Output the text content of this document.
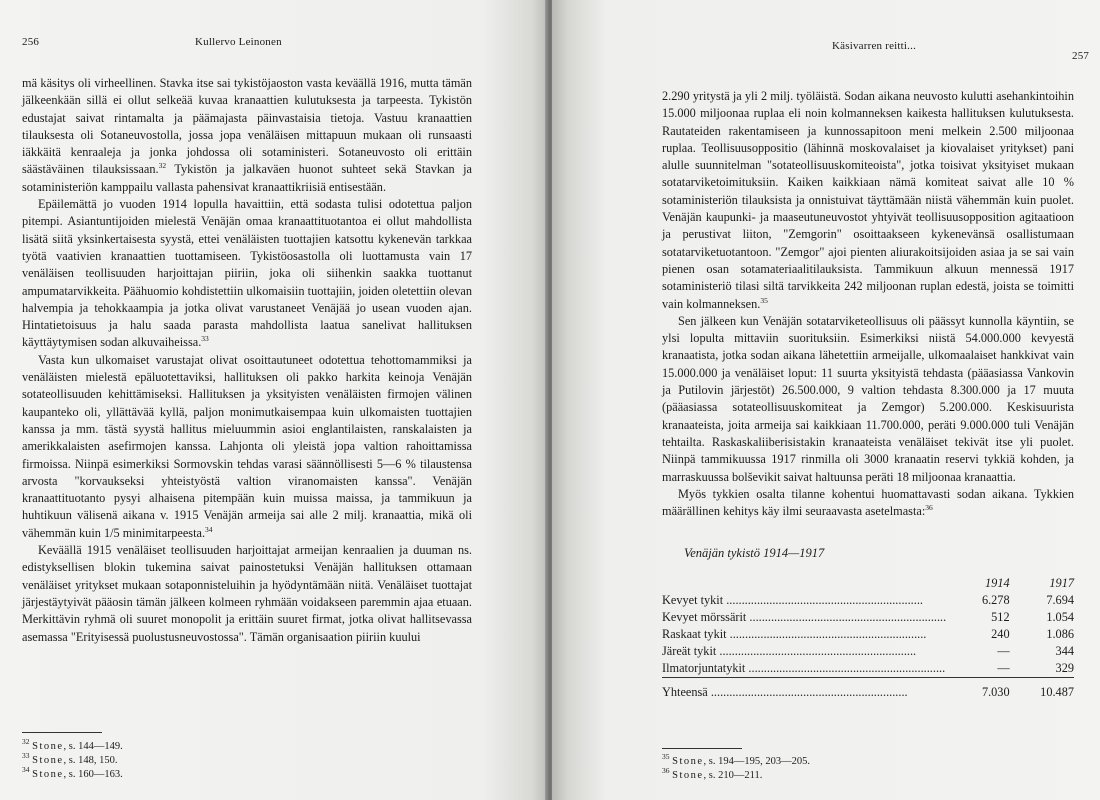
256	Kullervo Leinonen

mä käsitys oli virheellinen. Stavka itse sai tykistöjaoston vasta keväällä 1916, mutta tämän jälkeenkään sillä ei ollut selkeää kuvaa kranaattien kulutuksesta ja tarpeesta. Tykistön edustajat saivat rintamalta ja päämajasta päinvastaisia tietoja. Vastuu kranaattien tilauksesta oli Sotaneuvostolla, jossa jopa venäläisen mittapuun mukaan oli runsaasti iäkkäitä kenraaleja ja jonka johdossa oli sotaministeri. Sotaneuvosto oli erittäin säästäväinen tilauksissaan.$^{32}$ Tykistön ja jalkaväen huonot suhteet sekä Stavkan ja sotaministeriön kamppailu vallasta pahensivat kranaattikriisiä entisestään.

Epäilemättä jo vuoden 1914 lopulla havaittiin, että sodasta tulisi odotettua paljon pitempi. Asiantuntijoiden mielestä Venäjän omaa kranaattituotantoa ei ollut mahdollista lisätä siitä yksinkertaisesta syystä, ettei venäläisten tuottajien katsottu kykenevän tarkkaa työtä vaativien kranaattien tuottamiseen. Tykistöosastolla oli luottamusta vain 17 venäläisen teollisuuden harjoittajan piiriin, joka oli siihenkin saakka tuottanut ampumatarvikkeita. Päähuomio kohdistettiin ulkomaisiin tuottajiin, joiden oletettiin olevan halvempia ja tehokkaampia ja jotka olivat varustaneet Venäjää jo usean vuoden ajan. Hintatietoisuus ja halu saada parasta mahdollista laatua sanelivat hallituksen käyttäytymisen sodan alkuvaiheissa.$^{33}$

Vasta kun ulkomaiset varustajat olivat osoittautuneet odotettua tehottomammiksi ja venäläisten mielestä epäluotettaviksi, hallituksen oli pakko harkita keinoja Venäjän sotateollisuuden kehittämiseksi. Hallituksen ja yksityisten venäläisten firmojen välinen kaupanteko oli, yllättävää kyllä, paljon monimutkaisempaa kuin ulkomaisten tuottajien kanssa ja mm. tästä syystä hallitus mieluummin asioi englantilaisten, ranskalaisten ja amerikkalaisten asefirmojen kanssa. Lahjonta oli yleistä jopa valtion rahoittamissa firmoissa. Niinpä esimerkiksi Sormovskin tehdas varasi säännöllisesti 5—6 % tilaustensa arvosta "korvaukseksi yhteistyöstä valtion viranomaisten kanssa". Venäjän kranaattituotanto pysyi alhaisena pitempään kuin muissa maissa, ja tammikuun ja huhtikuun välisenä aikana v. 1915 Venäjän armeija sai alle 2 milj. kranaattia, mikä oli vähemmän kuin 1/5 minimitarpeesta.$^{34}$

Keväällä 1915 venäläiset teollisuuden harjoittajat armeijan kenraalien ja duuman ns. edistyksellisen blokin tukemina saivat painostetuksi Venäjän hallituksen ottamaan venäläiset yritykset mukaan sotaponnisteluihin ja hyödyntämään niitä. Venäläiset tuottajat järjestäytyivät pääosin tämän jälkeen kolmeen ryhmään voidakseen paremmin ajaa etuaan. Merkittävin ryhmä oli suuret monopolit ja erittäin suuret firmat, jotka olivat hallitsevassa asemassa "Erityisessä puolustusneuvostossa". Tämän organisaation piiriin kuului

$^{32}$ Stone, s. 144—149.
$^{33}$ Stone, s. 148, 150.
$^{34}$ Stone, s. 160—163.
Käsivarren reitti...
257

2.290 yritystä ja yli 2 milj. työläistä. Sodan aikana neuvosto kulutti asehankintoihin 15.000 miljoonaa ruplaa eli noin kolmanneksen kaikesta hallituksen kulutuksesta. Rautateiden rakentamiseen ja kunnossapitoon meni melkein 2.500 miljoonaa ruplaa. Teollisuusoppositio (lähinnä moskovalaiset ja kiovalaiset yritykset) pani alulle suunnitelman "sotateollisuuskomiteoista", jotka toisivat yksityiset mukaan sotatarviketoimituksiin. Kaiken kaikkiaan nämä komiteat saivat alle 10 % sotaministeriön tilauksista ja onnistuivat täyttämään niistä vähemmän kuin puolet. Venäjän kaupunki- ja maaseutuneuvostot yhtyivät teollisuusopposition agitaatioon ja perustivat liiton, "Zemgorin" osoittaakseen kykenevänsä osallistumaan sotatarviketuotantoon. "Zemgor" ajoi pienten aliurakoitsijoiden asiaa ja se sai vain pienen osan sotamateriaalitilauksista. Tammikuun alkuun mennessä 1917 sotaministeriö tilasi siltä tarvikkeita 242 miljoonan ruplan edestä, joista se toimitti vain kolmanneksen.$^{35}$

Sen jälkeen kun Venäjän sotatarviketeollisuus oli päässyt kunnolla käyntiin, se ylsi lopulta mittaviin suorituksiin. Esimerkiksi niistä 54.000.000 kevyestä kranaatista, jotka sodan aikana lähetettiin armeijalle, ulkomaalaiset hankkivat vain 15.000.000 ja venäläiset loput: 11 suurta yksityistä tehdasta (pääasiassa Vankovin ja Putilovin järjestöt) 26.500.000, 9 valtion tehdasta 8.300.000 ja 17 muuta (pääasiassa sotateollisuuskomiteat ja Zemgor) 5.200.000. Keskisuurista kranaateista, joita armeija sai kaikkiaan 11.700.000, peräti 9.000.000 tuli Venäjän tehtailta. Raskaskaliiberisistakin kranaateista venäläiset tekivät itse yli puolet. Niinpä tammikuussa 1917 rinmilla oli 3000 kranaatin reservi tykkiä kohden, ja marraskuussa bolševikit saivat haltuunsa peräti 18 miljoonaa kranaattia.

Myös tykkien osalta tilanne kohentui huomattavasti sodan aikana. Tykkien määrällinen kehitys käy ilmi seuraavasta asetelmasta:$^{36}$

Venäjän tykistö 1914—1917
	1914	1917
Kevyet tykit ................................................................	6.278	7.694
Kevyet mörssärit ................................................................	512	1.054
Raskaat tykit ................................................................	240	1.086
Järeät tykit ................................................................	—	344
Ilmatorjuntatykit ................................................................	—	329
Yhteensä ................................................................	7.030	10.487
$^{35}$ Stone, s. 194—195, 203—205.
$^{36}$ Stone, s. 210—211.
